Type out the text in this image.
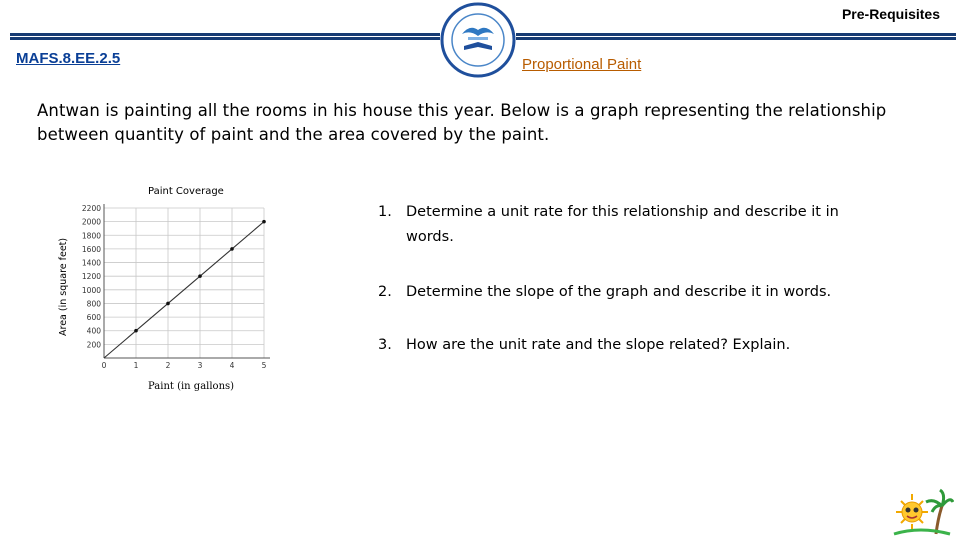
Pre-Requisites
MAFS.8.EE.2.5	Proportional Paint
Antwan is painting all the rooms in his house this year. Below is a graph representing the relationship between quantity of paint and the area covered by the paint.
Paint Coverage
Area (in square feet)
Paint (in gallons)
200
400
600
800
1000
1200
1400
1600
1800
2000
2200
0	1	2	3	4	5
1. Determine a unit rate for this relationship and describe it in words.
2. Determine the slope of the graph and describe it in words.
3. How are the unit rate and the slope related? Explain.
